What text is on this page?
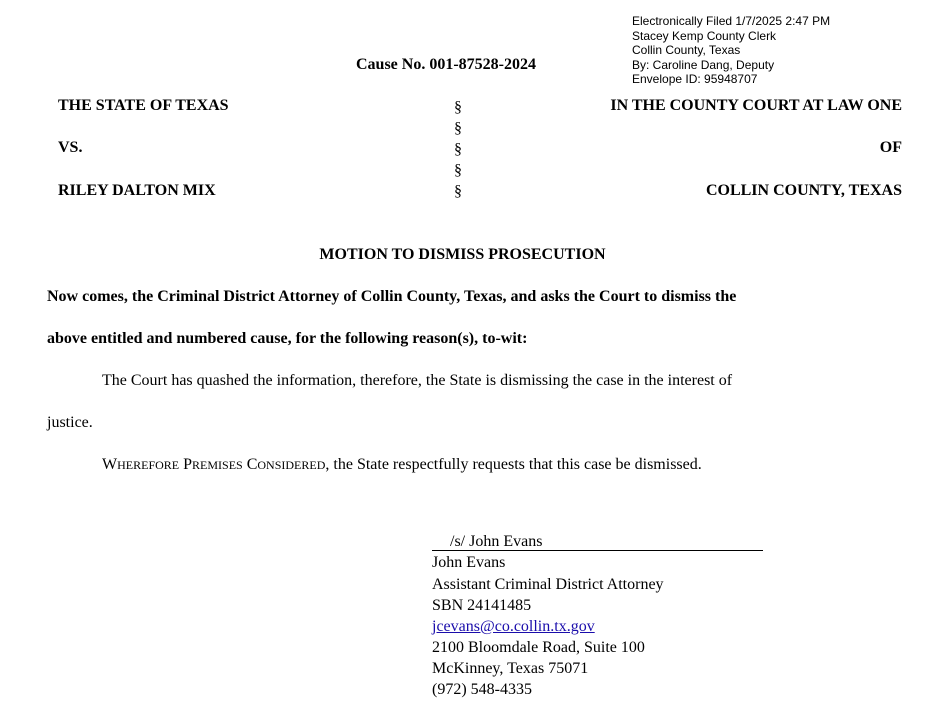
Electronically Filed 1/7/2025 2:47 PM
Stacey Kemp County Clerk
Collin County, Texas
By: Caroline Dang, Deputy
Envelope ID: 95948707
Cause No. 001-87528-2024
THE STATE OF TEXAS
VS.
RILEY DALTON MIX
§
§
§
§
§
IN THE COUNTY COURT AT LAW ONE
OF
COLLIN COUNTY, TEXAS
MOTION TO DISMISS PROSECUTION
Now comes, the Criminal District Attorney of Collin County, Texas, and asks the Court to dismiss the
above entitled and numbered cause, for the following reason(s), to-wit:
The Court has quashed the information, therefore, the State is dismissing the case in the interest of
justice.
WHEREFORE PREMISES CONSIDERED, the State respectfully requests that this case be dismissed.
/s/ John Evans
John Evans
Assistant Criminal District Attorney
SBN 24141485
jcevans@co.collin.tx.gov
2100 Bloomdale Road, Suite 100
McKinney, Texas 75071
(972) 548-4335
